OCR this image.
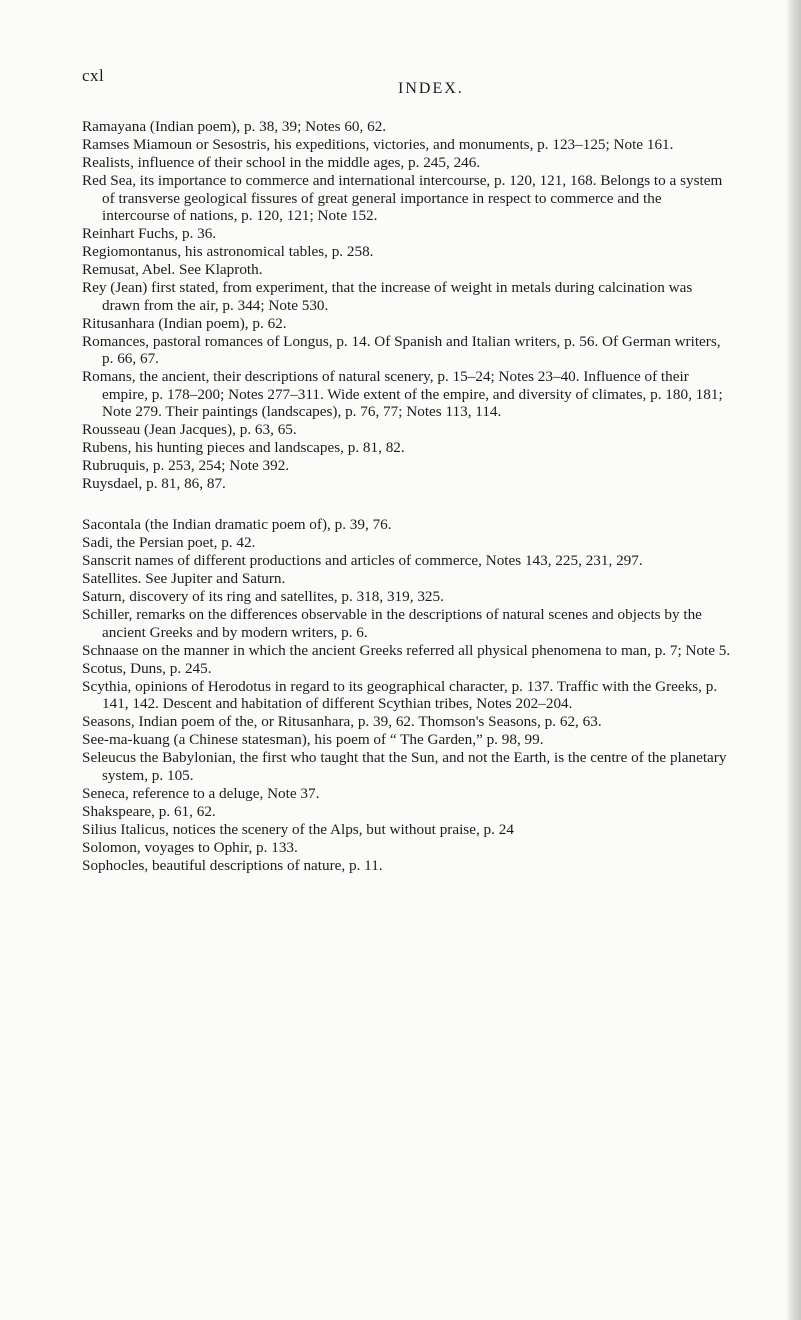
cxl
INDEX.

Ramayana (Indian poem), p. 38, 39; Notes 60, 62.

Ramses Miamoun or Sesostris, his expeditions, victories, and monuments, p. 123–125; Note 161.

Realists, influence of their school in the middle ages, p. 245, 246.

Red Sea, its importance to commerce and international intercourse, p. 120, 121, 168. Belongs to a system of transverse geological fissures of great general importance in respect to commerce and the intercourse of nations, p. 120, 121; Note 152.

Reinhart Fuchs, p. 36.

Regiomontanus, his astronomical tables, p. 258.

Remusat, Abel. See Klaproth.

Rey (Jean) first stated, from experiment, that the increase of weight in metals during calcination was drawn from the air, p. 344; Note 530.

Ritusanhara (Indian poem), p. 62.

Romances, pastoral romances of Longus, p. 14. Of Spanish and Italian writers, p. 56. Of German writers, p. 66, 67.

Romans, the ancient, their descriptions of natural scenery, p. 15–24; Notes 23–40. Influence of their empire, p. 178–200; Notes 277–311. Wide extent of the empire, and diversity of climates, p. 180, 181; Note 279. Their paintings (landscapes), p. 76, 77; Notes 113, 114.

Rousseau (Jean Jacques), p. 63, 65.

Rubens, his hunting pieces and landscapes, p. 81, 82.

Rubruquis, p. 253, 254; Note 392.

Ruysdael, p. 81, 86, 87.

Sacontala (the Indian dramatic poem of), p. 39, 76.

Sadi, the Persian poet, p. 42.

Sanscrit names of different productions and articles of commerce, Notes 143, 225, 231, 297.

Satellites. See Jupiter and Saturn.

Saturn, discovery of its ring and satellites, p. 318, 319, 325.

Schiller, remarks on the differences observable in the descriptions of natural scenes and objects by the ancient Greeks and by modern writers, p. 6.

Schnaase on the manner in which the ancient Greeks referred all physical phenomena to man, p. 7; Note 5.

Scotus, Duns, p. 245.

Scythia, opinions of Herodotus in regard to its geographical character, p. 137. Traffic with the Greeks, p. 141, 142. Descent and habitation of different Scythian tribes, Notes 202–204.

Seasons, Indian poem of the, or Ritusanhara, p. 39, 62. Thomson's Seasons, p. 62, 63.

See-ma-kuang (a Chinese statesman), his poem of “ The Garden,” p. 98, 99.

Seleucus the Babylonian, the first who taught that the Sun, and not the Earth, is the centre of the planetary system, p. 105.

Seneca, reference to a deluge, Note 37.

Shakspeare, p. 61, 62.

Silius Italicus, notices the scenery of the Alps, but without praise, p. 24

Solomon, voyages to Ophir, p. 133.

Sophocles, beautiful descriptions of nature, p. 11.
